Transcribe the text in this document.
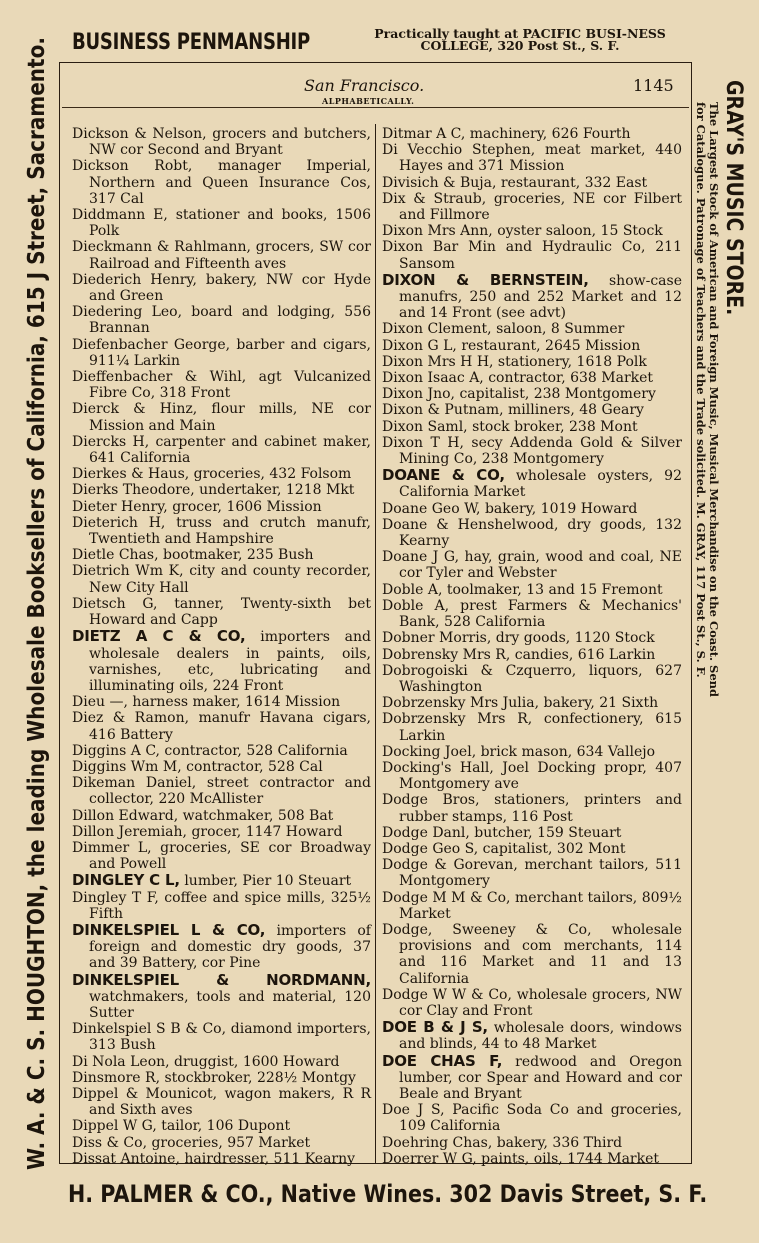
BUSINESS PENMANSHIP	Practically taught at PACIFIC BUSI-NESS COLLEGE, 320 Post St., S. F.
W. A. & C. S. HOUGHTON, the leading Wholesale Booksellers of California, 615 J Street, Sacramento.	GRAY'S MUSIC STORE.
The Largest Stock of American and Foreign Music, Musical Merchandise on the Coast. Send
for Catalogue. Patronage of Teachers and the Trade solicited. M. GRAY, 117 Post St., S. F.
San Francisco.	1145
ALPHABETICALLY.
Dickson & Nelson, grocers and butchers, NW cor Second and Bryant
Dickson Robt, manager Imperial, Northern and Queen Insurance Cos, 317 Cal
Diddmann E, stationer and books, 1506 Polk
Dieckmann & Rahlmann, grocers, SW cor Railroad and Fifteenth aves
Diederich Henry, bakery, NW cor Hyde and Green
Diedering Leo, board and lodging, 556 Brannan
Diefenbacher George, barber and cigars, 911¼ Larkin
Dieffenbacher & Wihl, agt Vulcanized Fibre Co, 318 Front
Dierck & Hinz, flour mills, NE cor Mission and Main
Diercks H, carpenter and cabinet maker, 641 California
Dierkes & Haus, groceries, 432 Folsom
Dierks Theodore, undertaker, 1218 Mkt
Dieter Henry, grocer, 1606 Mission
Dieterich H, truss and crutch manufr, Twentieth and Hampshire
Dietle Chas, bootmaker, 235 Bush
Dietrich Wm K, city and county recorder, New City Hall
Dietsch G, tanner, Twenty-sixth bet Howard and Capp
DIETZ A C & CO, importers and wholesale dealers in paints, oils, varnishes, etc, lubricating and illuminating oils, 224 Front
Dieu —, harness maker, 1614 Mission
Diez & Ramon, manufr Havana cigars, 416 Battery
Diggins A C, contractor, 528 California
Diggins Wm M, contractor, 528 Cal
Dikeman Daniel, street contractor and collector, 220 McAllister
Dillon Edward, watchmaker, 508 Bat
Dillon Jeremiah, grocer, 1147 Howard
Dimmer L, groceries, SE cor Broadway and Powell
DINGLEY C L, lumber, Pier 10 Steuart
Dingley T F, coffee and spice mills, 325½ Fifth
DINKELSPIEL L & CO, importers of foreign and domestic dry goods, 37 and 39 Battery, cor Pine
DINKELSPIEL & NORDMANN, watchmakers, tools and material, 120 Sutter
Dinkelspiel S B & Co, diamond importers, 313 Bush
Di Nola Leon, druggist, 1600 Howard
Dinsmore R, stockbroker, 228½ Montgy
Dippel & Mounicot, wagon makers, R R and Sixth aves
Dippel W G, tailor, 106 Dupont
Diss & Co, groceries, 957 Market
Dissat Antoine, hairdresser, 511 Kearny
Ditmar A C, machinery, 626 Fourth
Di Vecchio Stephen, meat market, 440 Hayes and 371 Mission
Divisich & Buja, restaurant, 332 East
Dix & Straub, groceries, NE cor Filbert and Fillmore
Dixon Mrs Ann, oyster saloon, 15 Stock
Dixon Bar Min and Hydraulic Co, 211 Sansom
DIXON & BERNSTEIN, show-case manufrs, 250 and 252 Market and 12 and 14 Front (see advt)
Dixon Clement, saloon, 8 Summer
Dixon G L, restaurant, 2645 Mission
Dixon Mrs H H, stationery, 1618 Polk
Dixon Isaac A, contractor, 638 Market
Dixon Jno, capitalist, 238 Montgomery
Dixon & Putnam, milliners, 48 Geary
Dixon Saml, stock broker, 238 Mont
Dixon T H, secy Addenda Gold & Silver Mining Co, 238 Montgomery
DOANE & CO, wholesale oysters, 92 California Market
Doane Geo W, bakery, 1019 Howard
Doane & Henshelwood, dry goods, 132 Kearny
Doane J G, hay, grain, wood and coal, NE cor Tyler and Webster
Doble A, toolmaker, 13 and 15 Fremont
Doble A, prest Farmers & Mechanics' Bank, 528 California
Dobner Morris, dry goods, 1120 Stock
Dobrensky Mrs R, candies, 616 Larkin
Dobrogoiski & Czquerro, liquors, 627 Washington
Dobrzensky Mrs Julia, bakery, 21 Sixth
Dobrzensky Mrs R, confectionery, 615 Larkin
Docking Joel, brick mason, 634 Vallejo
Docking's Hall, Joel Docking propr, 407 Montgomery ave
Dodge Bros, stationers, printers and rubber stamps, 116 Post
Dodge Danl, butcher, 159 Steuart
Dodge Geo S, capitalist, 302 Mont
Dodge & Gorevan, merchant tailors, 511 Montgomery
Dodge M M & Co, merchant tailors, 809½ Market
Dodge, Sweeney & Co, wholesale provisions and com merchants, 114 and 116 Market and 11 and 13 California
Dodge W W & Co, wholesale grocers, NW cor Clay and Front
DOE B & J S, wholesale doors, windows and blinds, 44 to 48 Market
DOE CHAS F, redwood and Oregon lumber, cor Spear and Howard and cor Beale and Bryant
Doe J S, Pacific Soda Co and groceries, 109 California
Doehring Chas, bakery, 336 Third
Doerrer W G, paints, oils, 1744 Market
H. PALMER & CO., Native Wines. 302 Davis Street, S. F.
